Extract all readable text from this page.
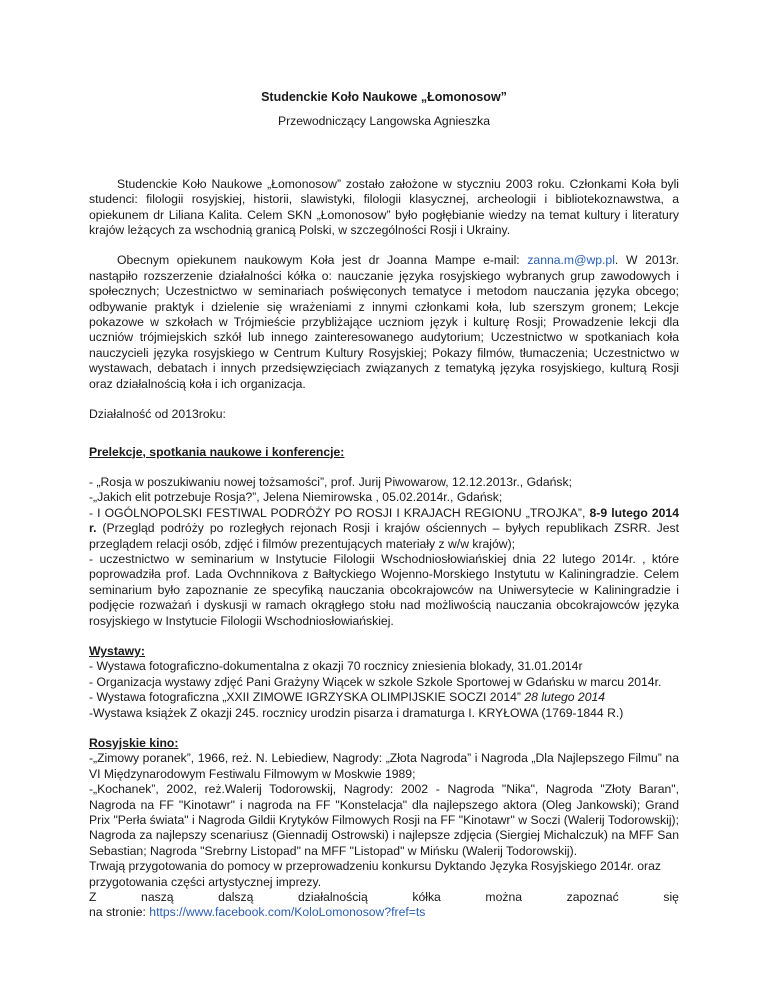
Studenckie Koło Naukowe „Łomonosow”

Przewodniczący Langowska Agnieszka

Studenckie Koło Naukowe „Łomonosow” zostało założone w styczniu 2003 roku. Członkami Koła byli studenci: filologii rosyjskiej, historii, slawistyki, filologii klasycznej, archeologii i bibliotekoznawstwa, a opiekunem dr Liliana Kalita. Celem SKN „Łomonosow” było pogłębianie wiedzy na temat kultury i literatury krajów leżących za wschodnią granicą Polski, w szczególności Rosji i Ukrainy.

Obecnym opiekunem naukowym Koła jest dr Joanna Mampe e-mail: zanna.m@wp.pl. W 2013r. nastąpiło rozszerzenie działalności kółka o: nauczanie języka rosyjskiego wybranych grup zawodowych i społecznych; Uczestnictwo w seminariach poświęconych tematyce i metodom nauczania języka obcego; odbywanie praktyk i dzielenie się wrażeniami z innymi członkami koła, lub szerszym gronem; Lekcje pokazowe w szkołach w Trójmieście przybliżające uczniom język i kulturę Rosji; Prowadzenie lekcji dla uczniów trójmiejskich szkół lub innego zainteresowanego audytorium; Uczestnictwo w spotkaniach koła nauczycieli języka rosyjskiego w Centrum Kultury Rosyjskiej; Pokazy filmów, tłumaczenia; Uczestnictwo w wystawach, debatach i innych przedsięwzięciach związanych z tematyką języka rosyjskiego, kulturą Rosji oraz działalnością koła i ich organizacja.

Działalność od 2013roku:

Prelekcje, spotkania naukowe i konferencje:

- „Rosja w poszukiwaniu nowej tożsamości”, prof. Jurij Piwowarow, 12.12.2013r., Gdańsk;

-„Jakich elit potrzebuje Rosja?”, Jelena Niemirowska , 05.02.2014r., Gdańsk;

- I OGÓLNOPOLSKI FESTIWAL PODRÓŻY PO ROSJI I KRAJACH REGIONU „TROJKA”, 8-9 lutego 2014 r. (Przegląd podróży po rozległych rejonach Rosji i krajów ościennych – byłych republikach ZSRR. Jest przeglądem relacji osób, zdjęć i filmów prezentujących materiały z w/w krajów);

- uczestnictwo w seminarium w Instytucie Filologii Wschodniosłowiańskiej dnia 22 lutego 2014r. , które poprowadziła prof. Lada Ovchnnikova z Bałtyckiego Wojenno-Morskiego Instytutu w Kaliningradzie. Celem seminarium było zapoznanie ze specyfiką nauczania obcokrajowców na Uniwersytecie w Kaliningradzie i podjęcie rozważań i dyskusji w ramach okrągłego stołu nad możliwością nauczania obcokrajowców języka rosyjskiego w Instytucie Filologii Wschodniosłowiańskiej.

Wystawy:

- Wystawa fotograficzno-dokumentalna z okazji 70 rocznicy zniesienia blokady, 31.01.2014r

- Organizacja wystawy zdjęć Pani Grażyny Wiącek w szkole Szkole Sportowej w Gdańsku w marcu 2014r.

- Wystawa fotograficzna „XXII ZIMOWE IGRZYSKA OLIMPIJSKIE SOCZI 2014” 28 lutego 2014

-Wystawa książek Z okazji 245. rocznicy urodzin pisarza i dramaturga I. KRYŁOWA (1769-1844 R.)

Rosyjskie kino:

-„Zimowy poranek”, 1966, reż. N. Lebiediew, Nagrody: „Złota Nagroda” i Nagroda „Dla Najlepszego Filmu” na VI Międzynarodowym Festiwalu Filmowym w Moskwie 1989;

-„Kochanek”, 2002, reż.Walerij Todorowskij, Nagrody: 2002 - Nagroda "Nika", Nagroda "Złoty Baran", Nagroda na FF "Kinotawr" i nagroda na FF "Konstelacja" dla najlepszego aktora (Oleg Jankowski); Grand Prix "Perła świata" i Nagroda Gildii Krytyków Filmowych Rosji na FF "Kinotawr" w Soczi (Walerij Todorowskij); Nagroda za najlepszy scenariusz (Giennadij Ostrowski) i najlepsze zdjęcia (Siergiej Michalczuk) na MFF San Sebastian; Nagroda "Srebrny Listopad" na MFF "Listopad" w Mińsku (Walerij Todorowskij).

Trwają przygotowania do pomocy w przeprowadzeniu konkursu Dyktando Języka Rosyjskiego 2014r. oraz przygotowania części artystycznej imprezy.

Z	naszą	dalszą	działalnością	kółka	można	zapoznać	się

na stronie: https://www.facebook.com/KoloLomonosow?fref=ts
